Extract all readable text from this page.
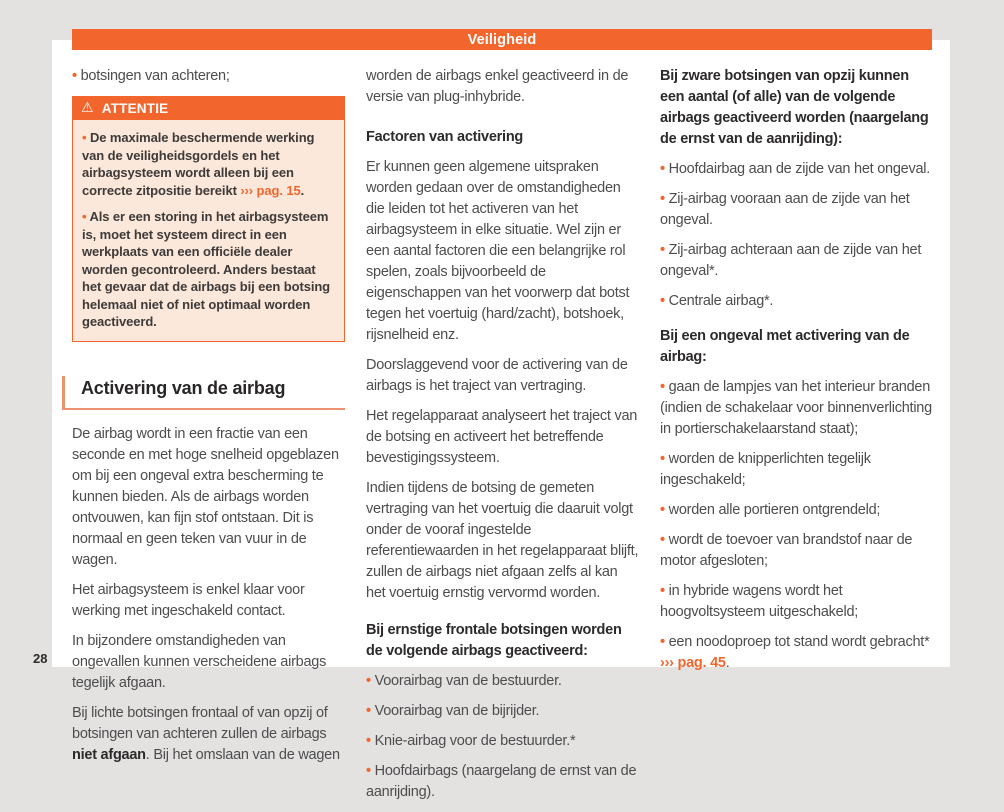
Veiligheid

• botsingen van achteren;

⚠ ATTENTIE

• De maximale beschermende werking van de veiligheidsgordels en het airbagsysteem wordt alleen bij een correcte zitpositie bereikt ››› pag. 15.

• Als er een storing in het airbagsysteem is, moet het systeem direct in een werkplaats van een officiële dealer worden gecontroleerd. Anders bestaat het gevaar dat de airbags bij een botsing helemaal niet of niet optimaal worden geactiveerd.

Activering van de airbag

De airbag wordt in een fractie van een seconde en met hoge snelheid opgeblazen om bij een ongeval extra bescherming te kunnen bieden. Als de airbags worden ontvouwen, kan fijn stof ontstaan. Dit is normaal en geen teken van vuur in de wagen.

Het airbagsysteem is enkel klaar voor werking met ingeschakeld contact.

In bijzondere omstandigheden van ongevallen kunnen verscheidene airbags tegelijk afgaan.

Bij lichte botsingen frontaal of van opzij of botsingen van achteren zullen de airbags niet afgaan. Bij het omslaan van de wagen

worden de airbags enkel geactiveerd in de versie van plug-inhybride.

Factoren van activering

Er kunnen geen algemene uitspraken worden gedaan over de omstandigheden die leiden tot het activeren van het airbagsysteem in elke situatie. Wel zijn er een aantal factoren die een belangrijke rol spelen, zoals bijvoorbeeld de eigenschappen van het voorwerp dat botst tegen het voertuig (hard/zacht), botshoek, rijsnelheid enz.

Doorslaggevend voor de activering van de airbags is het traject van vertraging.

Het regelapparaat analyseert het traject van de botsing en activeert het betreffende bevestigingssysteem.

Indien tijdens de botsing de gemeten vertraging van het voertuig die daaruit volgt onder de vooraf ingestelde referentiewaarden in het regelapparaat blijft, zullen de airbags niet afgaan zelfs al kan het voertuig ernstig vervormd worden.

Bij ernstige frontale botsingen worden de volgende airbags geactiveerd:

• Voorairbag van de bestuurder.

• Voorairbag van de bijrijder.

• Knie-airbag voor de bestuurder.*

• Hoofdairbags (naargelang de ernst van de aanrijding).

Bij zware botsingen van opzij kunnen een aantal (of alle) van de volgende airbags geactiveerd worden (naargelang de ernst van de aanrijding):

• Hoofdairbag aan de zijde van het ongeval.

• Zij-airbag vooraan aan de zijde van het ongeval.

• Zij-airbag achteraan aan de zijde van het ongeval*.

• Centrale airbag*.

Bij een ongeval met activering van de airbag:

• gaan de lampjes van het interieur branden (indien de schakelaar voor binnenverlichting in portierschakelaarstand staat);

• worden de knipperlichten tegelijk ingeschakeld;

• worden alle portieren ontgrendeld;

• wordt de toevoer van brandstof naar de motor afgesloten;

• in hybride wagens wordt het hoogvoltsysteem uitgeschakeld;

• een noodoproep tot stand wordt gebracht* ››› pag. 45.

28
